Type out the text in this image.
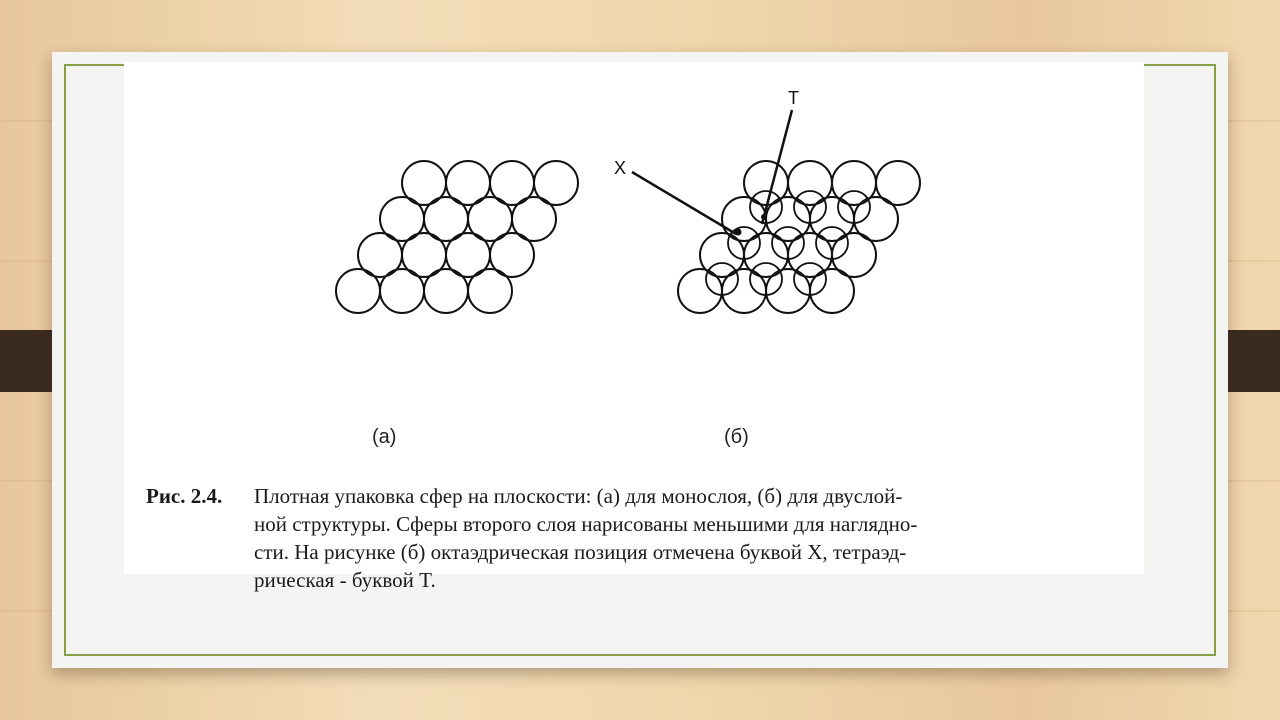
X
T
(а)	(б)
Рис. 2.4. Плотная упаковка сфер на плоскости: (а) для монослоя, (б) для двуслой-
ной структуры. Сферы второго слоя нарисованы меньшими для наглядно-
сти. На рисунке (б) октаэдрическая позиция отмечена буквой X, тетраэд-
рическая - буквой T.
